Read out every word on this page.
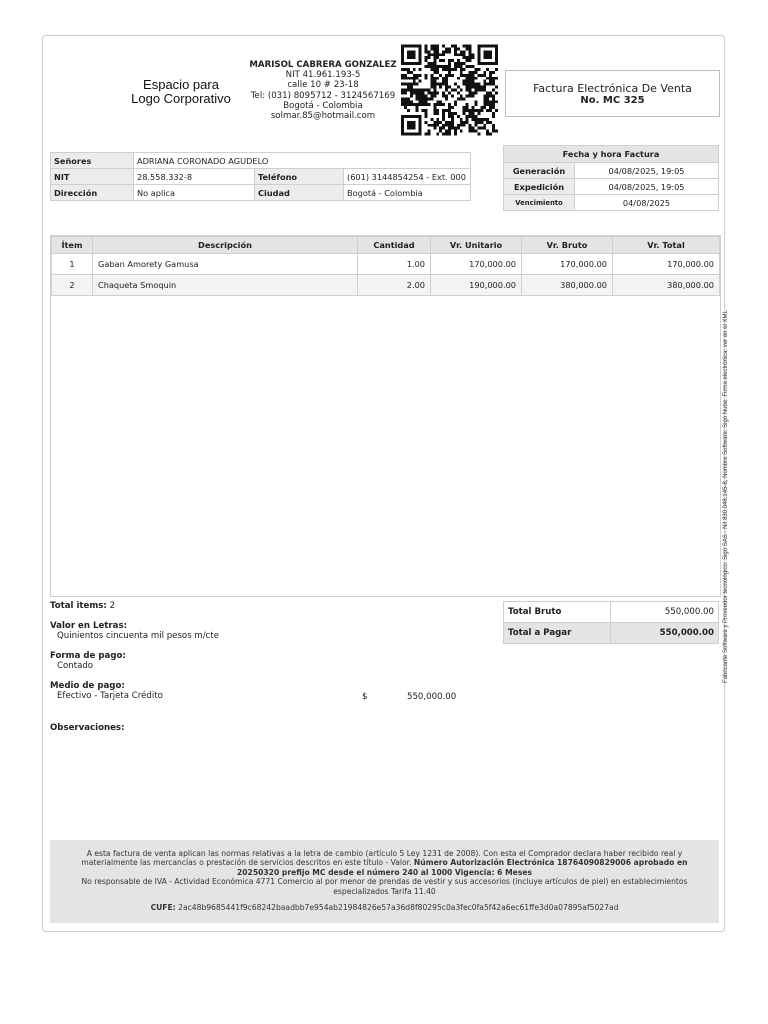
Espacio para
Logo Corporativo
MARISOL CABRERA GONZALEZ
NIT 41.961.193-5
calle 10 # 23-18
Tel: (031) 8095712 - 3124567169
Bogotá - Colombia
solmar.85@hotmail.com
Factura Electrónica De Venta
No. MC 325
Señores	ADRIANA CORONADO AGUDELO		
NIT	28.558.332-8	Teléfono	(601) 3144854254 - Ext. 000
Dirección	No aplica	Ciudad	Bogotá - Colombia
Fecha y hora Factura	
Generación	04/08/2025, 19:05
Expedición	04/08/2025, 19:05
Vencimiento	04/08/2025
Ítem	Descripción	Cantidad	Vr. Unitario	Vr. Bruto	Vr. Total
1	Gaban Amorety Gamusa	1.00	170,000.00	170,000.00	170,000.00
2	Chaqueta Smoquin	2.00	190,000.00	380,000.00	380,000.00
Fabricante Software y Proveedor tecnológico: Sigo SAS - Nit 830.048.145-8, Nombre Software: Sigo Nube. Firma electrónica: ver en el XML
Total items: 2
Valor en Letras:
Quinientos cincuenta mil pesos m/cte
Forma de pago:
Contado
Medio de pago:
Efectivo - Tarjeta Crédito
Observaciones:
$	550,000.00
Total Bruto	550,000.00
Total a Pagar	550,000.00
A esta factura de venta aplican las normas relativas a la letra de cambio (artículo 5 Ley 1231 de 2008). Con esta el Comprador declara haber recibido real y materialmente las mercancías o prestación de servicios descritos en este título - Valor. Número Autorización Electrónica 18764090829006 aprobado en 20250320 prefijo MC desde el número 240 al 1000 Vigencia: 6 Meses
No responsable de IVA - Actividad Económica 4771 Comercio al por menor de prendas de vestir y sus accesorios (incluye artículos de piel) en establecimientos especializados Tarifa 11.40
CUFE: 2ac48b9685441f9c68242baadbb7e954ab21984826e57a36d8f80295c0a3fec0fa5f42a6ec61ffe3d0a07895af5027ad
